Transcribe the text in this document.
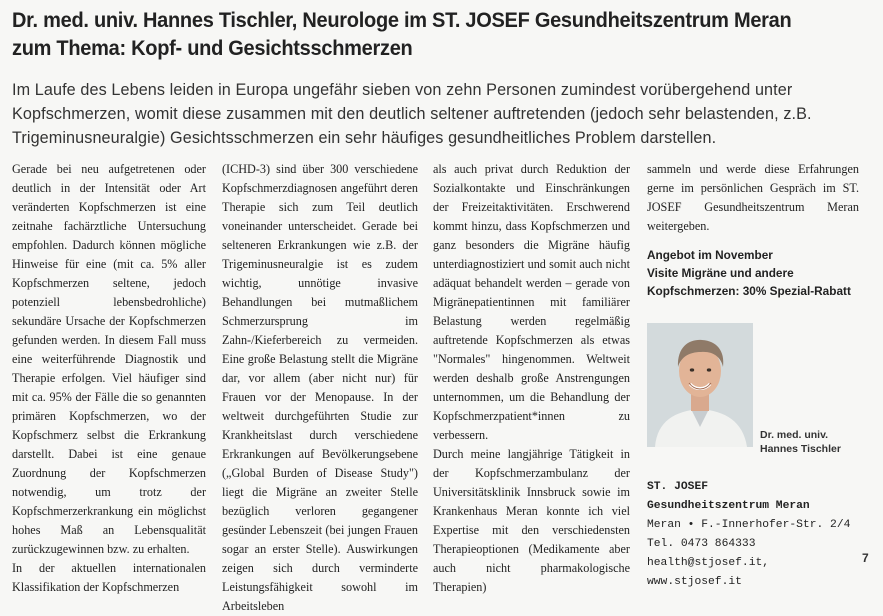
Dr. med. univ. Hannes Tischler, Neurologe im ST. JOSEF Gesundheitszentrum Meran zum Thema: Kopf- und Gesichtsschmerzen

Im Laufe des Lebens leiden in Europa ungefähr sieben von zehn Personen zumindest vorübergehend unter Kopfschmerzen, womit diese zusammen mit den deutlich seltener auftretenden (jedoch sehr belastenden, z.B. Trigeminusneuralgie) Gesichtsschmerzen ein sehr häufiges gesundheitliches Problem darstellen.

Gerade bei neu aufgetretenen oder deutlich in der Intensität oder Art veränderten Kopfschmerzen ist eine zeitnahe fachärztliche Untersuchung empfohlen. Dadurch können mögliche Hinweise für eine (mit ca. 5% aller Kopfschmerzen seltene, jedoch potenziell lebensbedrohliche) sekundäre Ursache der Kopfschmerzen gefunden werden. In diesem Fall muss eine weiterführende Diagnostik und Therapie erfolgen. Viel häufiger sind mit ca. 95% der Fälle die so genannten primären Kopfschmerzen, wo der Kopfschmerz selbst die Erkrankung darstellt. Dabei ist eine genaue Zuordnung der Kopfschmerzen notwendig, um trotz der Kopfschmerzerkrankung ein möglichst hohes Maß an Lebensqualität zurückzugewinnen bzw. zu erhalten.

In der aktuellen internationalen Klassifikation der Kopfschmerzen

(ICHD-3) sind über 300 verschiedene Kopfschmerzdiagnosen angeführt deren Therapie sich zum Teil deutlich voneinander unterscheidet. Gerade bei selteneren Erkrankungen wie z.B. der Trigeminusneuralgie ist es zudem wichtig, unnötige invasive Behandlungen bei mutmaßlichem Schmerzursprung im Zahn-/Kieferbereich zu vermeiden. Eine große Belastung stellt die Migräne dar, vor allem (aber nicht nur) für Frauen vor der Menopause. In der weltweit durchgeführten Studie zur Krankheitslast durch verschiedene Erkrankungen auf Bevölkerungsebene („Global Burden of Disease Study") liegt die Migräne an zweiter Stelle bezüglich verloren gegangener gesünder Lebenszeit (bei jungen Frauen sogar an erster Stelle). Auswirkungen zeigen sich durch verminderte Leistungsfähigkeit sowohl im Arbeitsleben

als auch privat durch Reduktion der Sozialkontakte und Einschränkungen der Freizeitaktivitäten. Erschwerend kommt hinzu, dass Kopfschmerzen und ganz besonders die Migräne häufig unterdiagnostiziert und somit auch nicht adäquat behandelt werden – gerade von Migränepatientinnen mit familiärer Belastung werden regelmäßig auftretende Kopfschmerzen als etwas "Normales" hingenommen. Weltweit werden deshalb große Anstrengungen unternommen, um die Behandlung der Kopfschmerzpatient*innen zu verbessern.

Durch meine langjährige Tätigkeit in der Kopfschmerzambulanz der Universitätsklinik Innsbruck sowie im Krankenhaus Meran konnte ich viel Expertise mit den verschiedensten Therapieoptionen (Medikamente aber auch nicht pharmakologische Therapien)

sammeln und werde diese Erfahrungen gerne im persönlichen Gespräch im ST. JOSEF Gesundheitszentrum Meran weitergeben.

Angebot im November
Visite Migräne und andere Kopfschmerzen: 30% Spezial-Rabatt
Dr. med. univ.
Hannes Tischler
ST. JOSEF
Gesundheitszentrum Meran
Meran • F.-Innerhofer-Str. 2/4
Tel. 0473 864333
health@stjosef.it, www.stjosef.it
7
